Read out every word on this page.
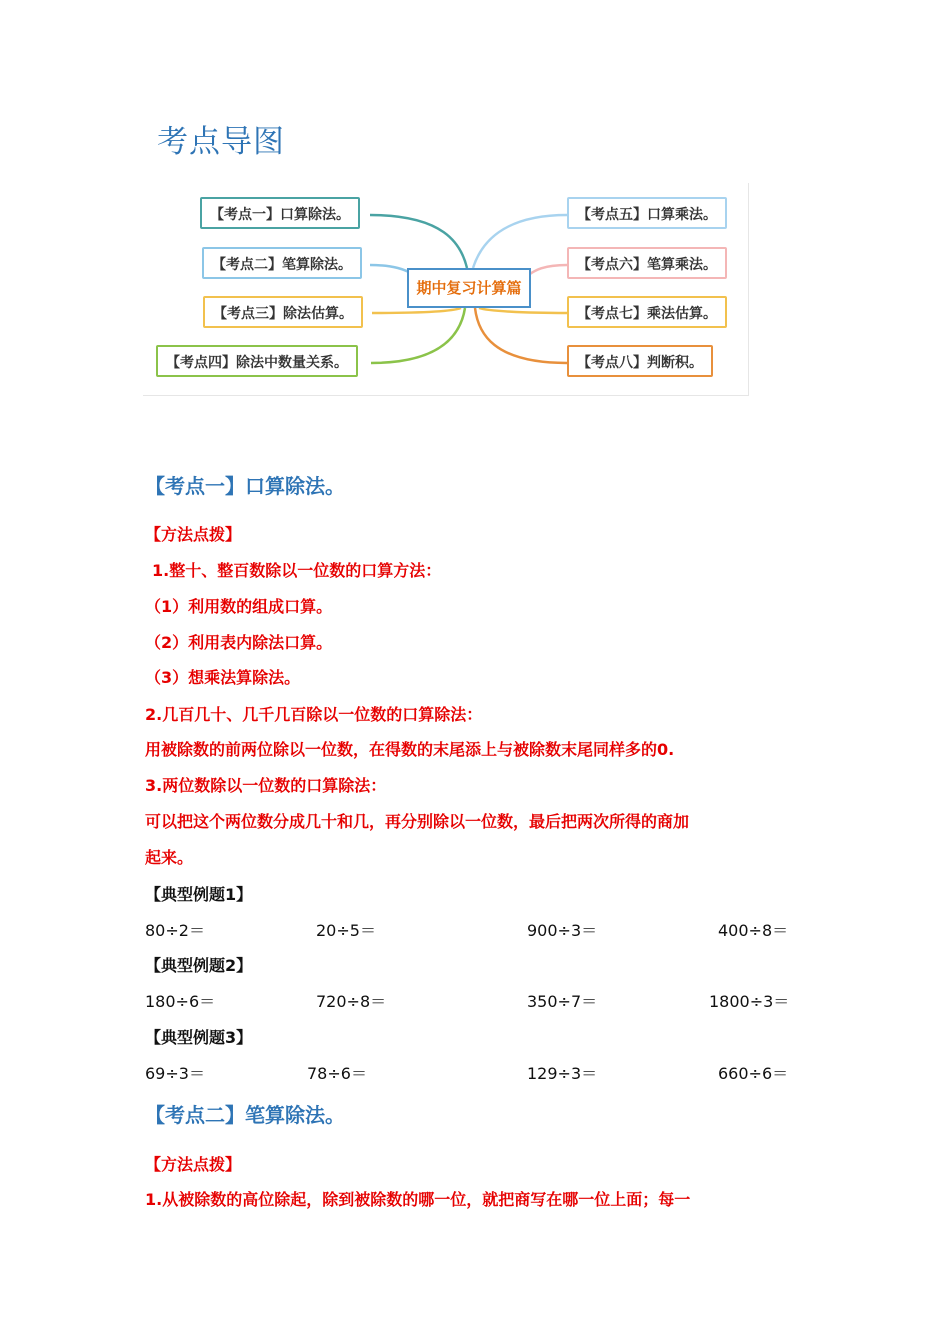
考点导图
【考点一】口算除法。
【考点二】笔算除法。
【考点三】除法估算。
【考点四】除法中数量关系。
期中复习计算篇
【考点五】口算乘法。
【考点六】笔算乘法。
【考点七】乘法估算。
【考点八】判断积。
【考点一】口算除法。
【方法点拨】
1.整十、整百数除以一位数的口算方法：
（1）利用数的组成口算。
（2）利用表内除法口算。
（3）想乘法算除法。
2.几百几十、几千几百除以一位数的口算除法：
用被除数的前两位除以一位数，在得数的末尾添上与被除数末尾同样多的0.
3.两位数除以一位数的口算除法：
可以把这个两位数分成几十和几，再分别除以一位数，最后把两次所得的商加
起来。
【典型例题1】
80÷2＝	20÷5＝	900÷3＝	400÷8＝
【典型例题2】
180÷6＝	720÷8＝	350÷7＝	1800÷3＝
【典型例题3】
69÷3＝	78÷6＝	129÷3＝	660÷6＝
【考点二】笔算除法。
【方法点拨】
1.从被除数的高位除起，除到被除数的哪一位，就把商写在哪一位上面；每一
